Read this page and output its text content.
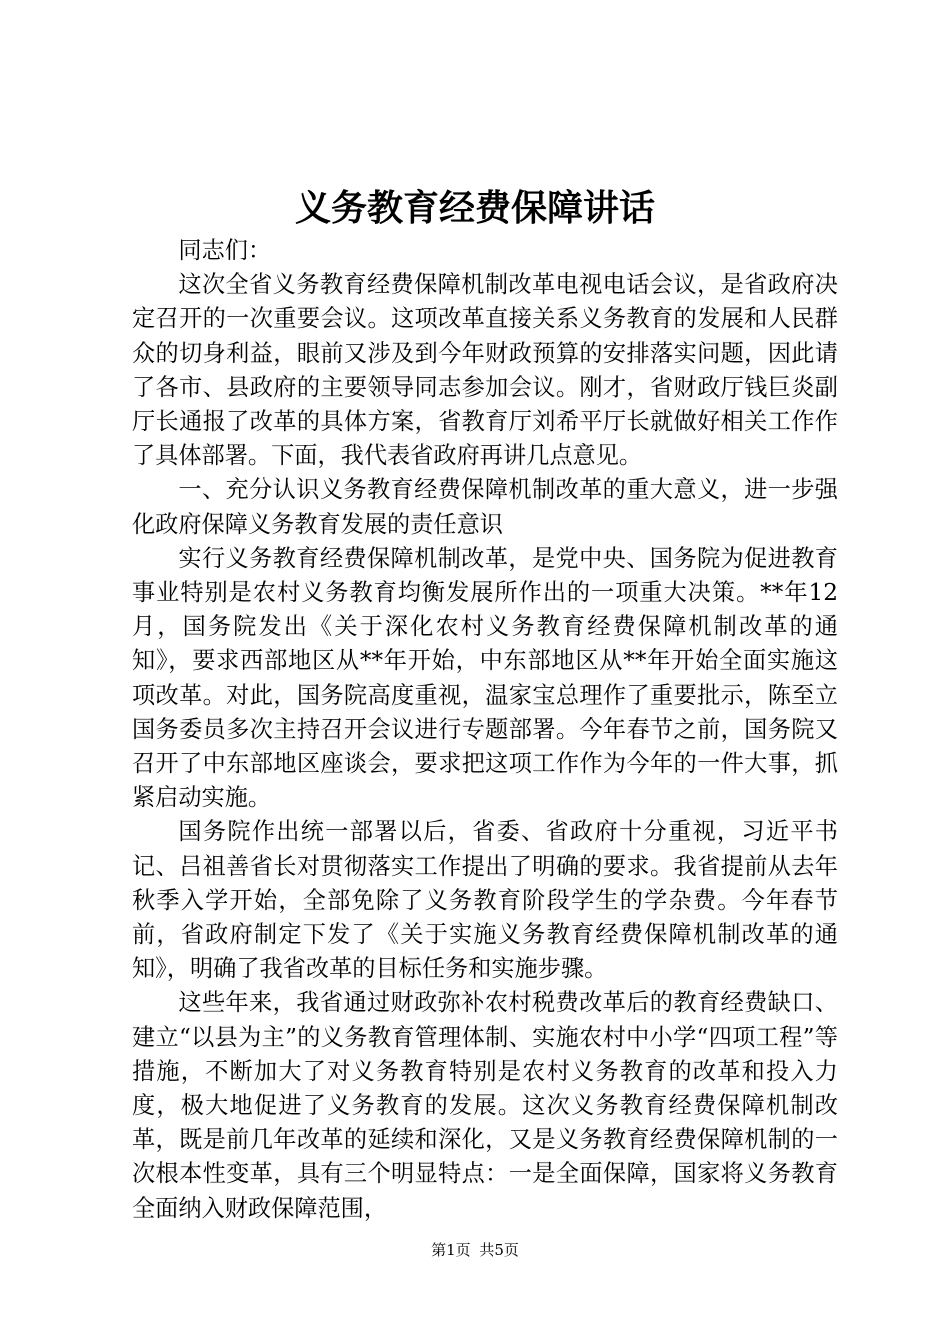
义务教育经费保障讲话

同志们：

这次全省义务教育经费保障机制改革电视电话会议，是省政府决定召开的一次重要会议。这项改革直接关系义务教育的发展和人民群众的切身利益，眼前又涉及到今年财政预算的安排落实问题，因此请了各市、县政府的主要领导同志参加会议。刚才，省财政厅钱巨炎副厅长通报了改革的具体方案，省教育厅刘希平厅长就做好相关工作作了具体部署。下面，我代表省政府再讲几点意见。

一、充分认识义务教育经费保障机制改革的重大意义，进一步强化政府保障义务教育发展的责任意识

实行义务教育经费保障机制改革，是党中央、国务院为促进教育事业特别是农村义务教育均衡发展所作出的一项重大决策。**年12月，国务院发出《关于深化农村义务教育经费保障机制改革的通知》，要求西部地区从**年开始，中东部地区从**年开始全面实施这项改革。对此，国务院高度重视，温家宝总理作了重要批示，陈至立国务委员多次主持召开会议进行专题部署。今年春节之前，国务院又召开了中东部地区座谈会，要求把这项工作作为今年的一件大事，抓紧启动实施。

国务院作出统一部署以后，省委、省政府十分重视，习近平书记、吕祖善省长对贯彻落实工作提出了明确的要求。我省提前从去年秋季入学开始，全部免除了义务教育阶段学生的学杂费。今年春节前，省政府制定下发了《关于实施义务教育经费保障机制改革的通知》，明确了我省改革的目标任务和实施步骤。

这些年来，我省通过财政弥补农村税费改革后的教育经费缺口、建立“以县为主”的义务教育管理体制、实施农村中小学“四项工程”等措施，不断加大了对义务教育特别是农村义务教育的改革和投入力度，极大地促进了义务教育的发展。这次义务教育经费保障机制改革，既是前几年改革的延续和深化，又是义务教育经费保障机制的一次根本性变革，具有三个明显特点：一是全面保障，国家将义务教育全面纳入财政保障范围，

第1页 共5页
